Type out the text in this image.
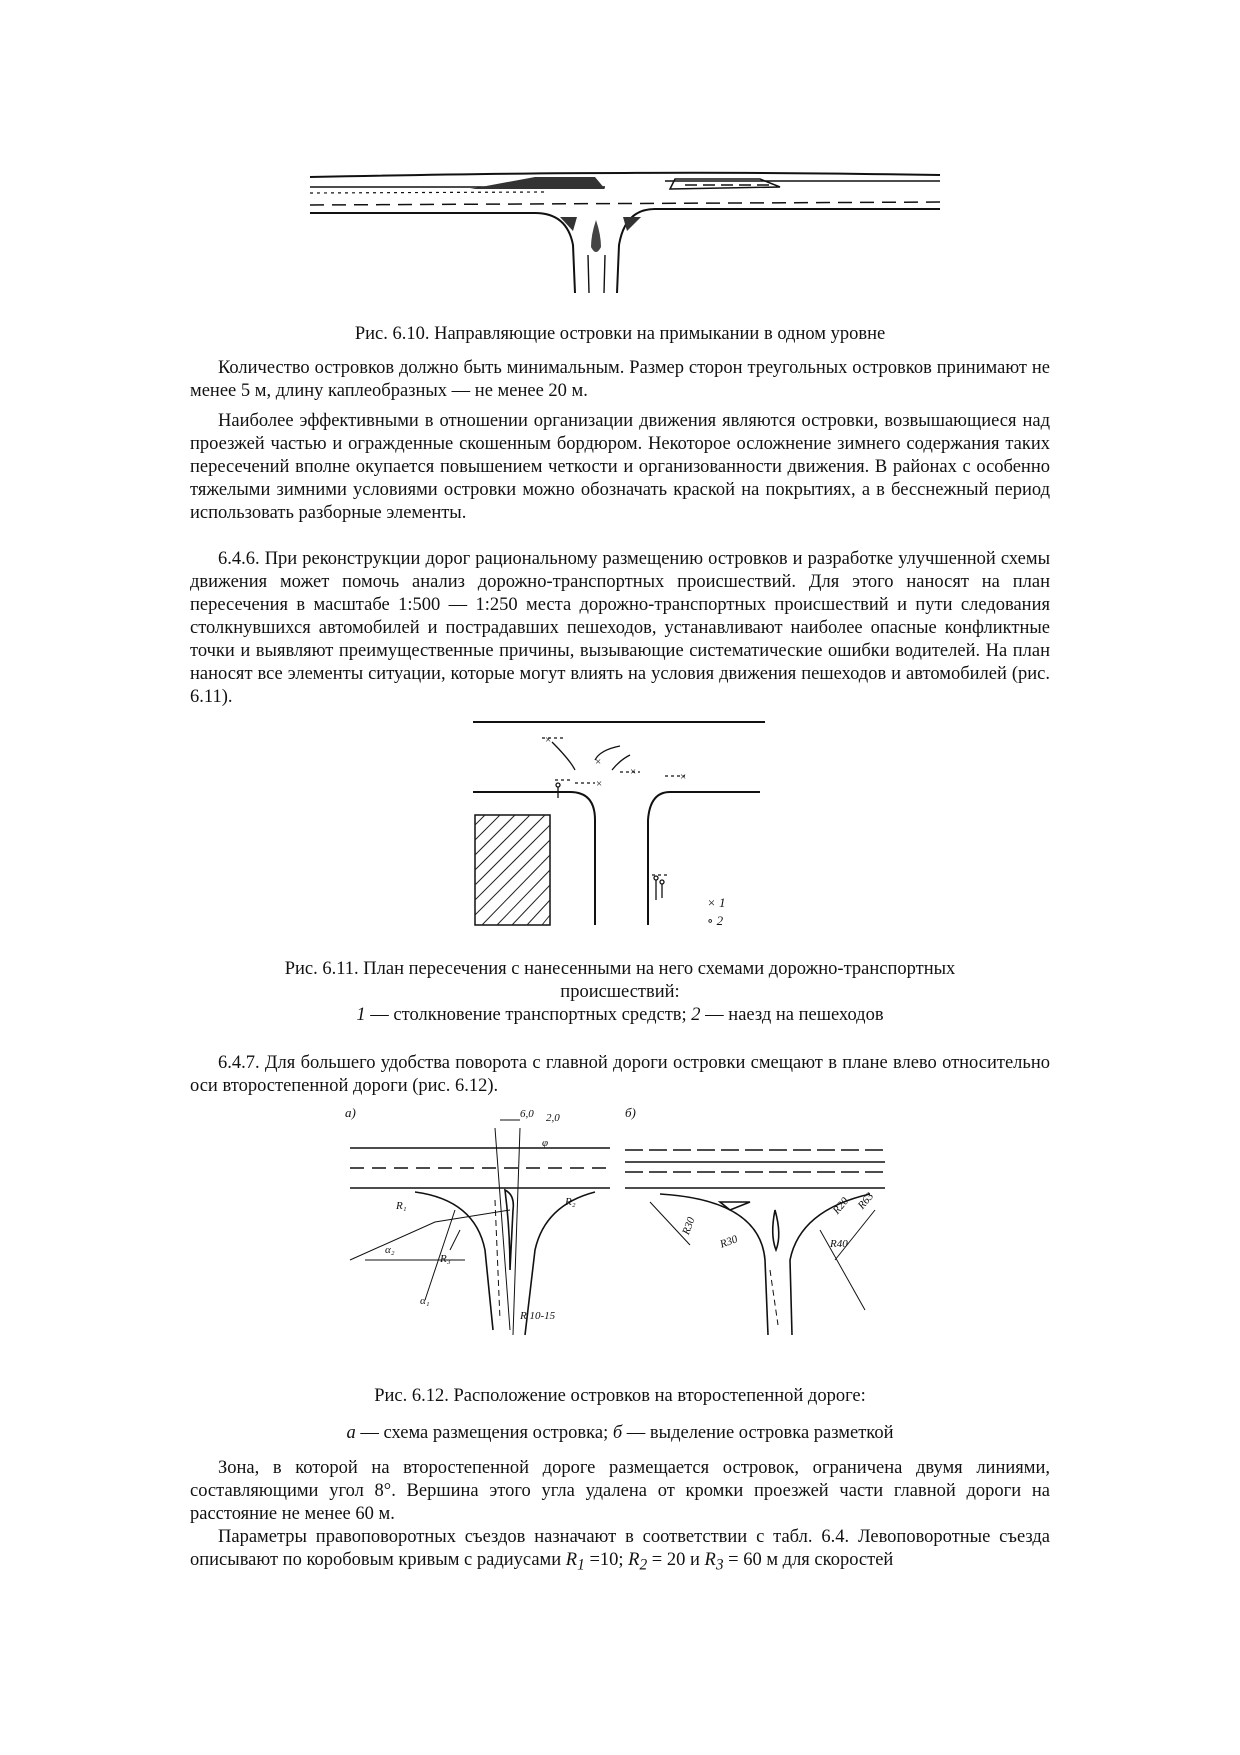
Рис. 6.10. Направляющие островки на примыкании в одном уровне

Количество островков должно быть минимальным. Размер сторон треугольных островков принимают не менее 5 м, длину каплеобразных — не менее 20 м.

Наиболее эффективными в отношении организации движения являются островки, возвышающиеся над проезжей частью и огражденные скошенным бордюром. Некоторое осложнение зимнего содержания таких пересечений вполне окупается повышением четкости и организованности движения. В районах с особенно тяжелыми зимними условиями островки можно обозначать краской на покрытиях, а в бесснежный период использовать разборные элементы.

6.4.6. При реконструкции дорог рациональному размещению островков и разработке улучшенной схемы движения может помочь анализ дорожно-транспортных происшествий. Для этого наносят на план пересечения в масштабе 1:500 — 1:250 места дорожно-транспортных происшествий и пути следования столкнувшихся автомобилей и пострадавших пешеходов, устанавливают наиболее опасные конфликтные точки и выявляют преимущественные причины, вызывающие систематические ошибки водителей. На план наносят все элементы ситуации, которые могут влиять на условия движения пешеходов и автомобилей (рис. 6.11).

×
×
×
×	×
× 1
∘ 2
Рис. 6.11. План пересечения с нанесенными на него схемами дорожно-транспортных
происшествий:
1 — столкновение транспортных средств; 2 — наезд на пешеходов

6.4.7. Для большего удобства поворота с главной дороги островки смещают в плане влево относительно оси второстепенной дороги (рис. 6.12).

а)	6,0 2,0
φ
R₁	R₂
R₃
α₁
α₂
R 10-15
б)
R30
R30
R20 R63
R40
Рис. 6.12. Расположение островков на второстепенной дороге:
а — схема размещения островка; б — выделение островка разметкой

Зона, в которой на второстепенной дороге размещается островок, ограничена двумя линиями, составляющими угол 8°. Вершина этого угла удалена от кромки проезжей части главной дороги на расстояние не менее 60 м.

Параметры правоповоротных съездов назначают в соответствии с табл. 6.4. Левоповоротные съезда описывают по коробовым кривым с радиусами $R_1 =10$; $R_2 = 20$ и $R_3 = 60$ м для скоростей
